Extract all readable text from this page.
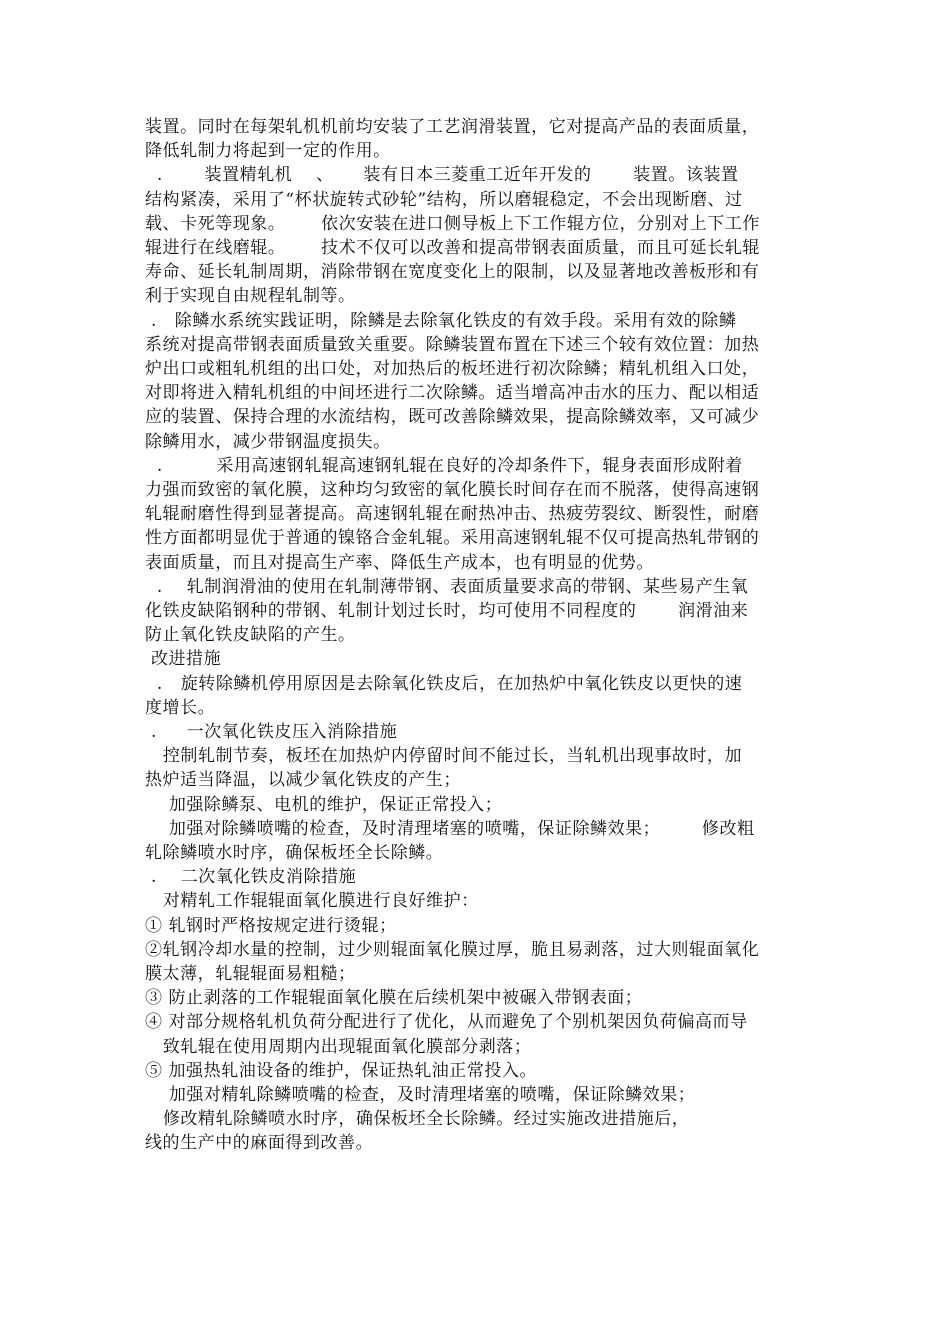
装置。同时在每架轧机机前均安装了工艺润滑装置，它对提高产品的表面质量，
降低轧制力将起到一定的作用。
.       装置精轧机    、     装有日本三菱重工近年开发的       装置。该装置
结构紧凑，采用了“杯状旋转式砂轮”结构，所以磨辊稳定，不会出现断磨、过
载、卡死等现象。      依次安装在进口侧导板上下工作辊方位，分别对上下工作
辊进行在线磨辊。      技术不仅可以改善和提高带钢表面质量，而且可延长轧辊
寿命、延长轧制周期，消除带钢在宽度变化上的限制，以及显著地改善板形和有
利于实现自由规程轧制等。
.   除鳞水系统实践证明，除鳞是去除氧化铁皮的有效手段。采用有效的除鳞
系统对提高带钢表面质量致关重要。除鳞装置布置在下述三个较有效位置：加热
炉出口或粗轧机组的出口处，对加热后的板坯进行初次除鳞；精轧机组入口处，
对即将进入精轧机组的中间坯进行二次除鳞。适当增高冲击水的压力、配以相适
应的装置、保持合理的水流结构，既可改善除鳞效果，提高除鳞效率，又可减少
除鳞用水，减少带钢温度损失。
.         采用高速钢轧辊高速钢轧辊在良好的冷却条件下，辊身表面形成附着
力强而致密的氧化膜，这种均匀致密的氧化膜长时间存在而不脱落，使得高速钢
轧辊耐磨性得到显著提高。高速钢轧辊在耐热冲击、热疲劳裂纹、断裂性，耐磨
性方面都明显优于普通的镍铬合金轧辊。采用高速钢轧辊不仅可提高热轧带钢的
表面质量，而且对提高生产率、降低生产成本，也有明显的优势。
.    轧制润滑油的使用在轧制薄带钢、表面质量要求高的带钢、某些易产生氧
化铁皮缺陷钢种的带钢、轧制计划过长时，均可使用不同程度的       润滑油来
防止氧化铁皮缺陷的产生。
改进措施
.   旋转除鳞机停用原因是去除氧化铁皮后，在加热炉中氧化铁皮以更快的速
度增长。
.     一次氧化铁皮压入消除措施
控制轧制节奏，板坯在加热炉内停留时间不能过长，当轧机出现事故时，加
热炉适当降温，以减少氧化铁皮的产生；
加强除鳞泵、电机的维护，保证正常投入；
加强对除鳞喷嘴的检查，及时清理堵塞的喷嘴，保证除鳞效果；       修改粗
轧除鳞喷水时序，确保板坯全长除鳞。
.    二次氧化铁皮消除措施
对精轧工作辊辊面氧化膜进行良好维护：
① 轧钢时严格按规定进行烫辊；
②轧钢冷却水量的控制，过少则辊面氧化膜过厚，脆且易剥落，过大则辊面氧化
膜太薄，轧辊辊面易粗糙；
③ 防止剥落的工作辊辊面氧化膜在后续机架中被碾入带钢表面；
④ 对部分规格轧机负荷分配进行了优化，从而避免了个别机架因负荷偏高而导
致轧辊在使用周期内出现辊面氧化膜部分剥落；
⑤ 加强热轧油设备的维护，保证热轧油正常投入。
加强对精轧除鳞喷嘴的检查，及时清理堵塞的喷嘴，保证除鳞效果；
修改精轧除鳞喷水时序，确保板坯全长除鳞。经过实施改进措施后，
线的生产中的麻面得到改善。
